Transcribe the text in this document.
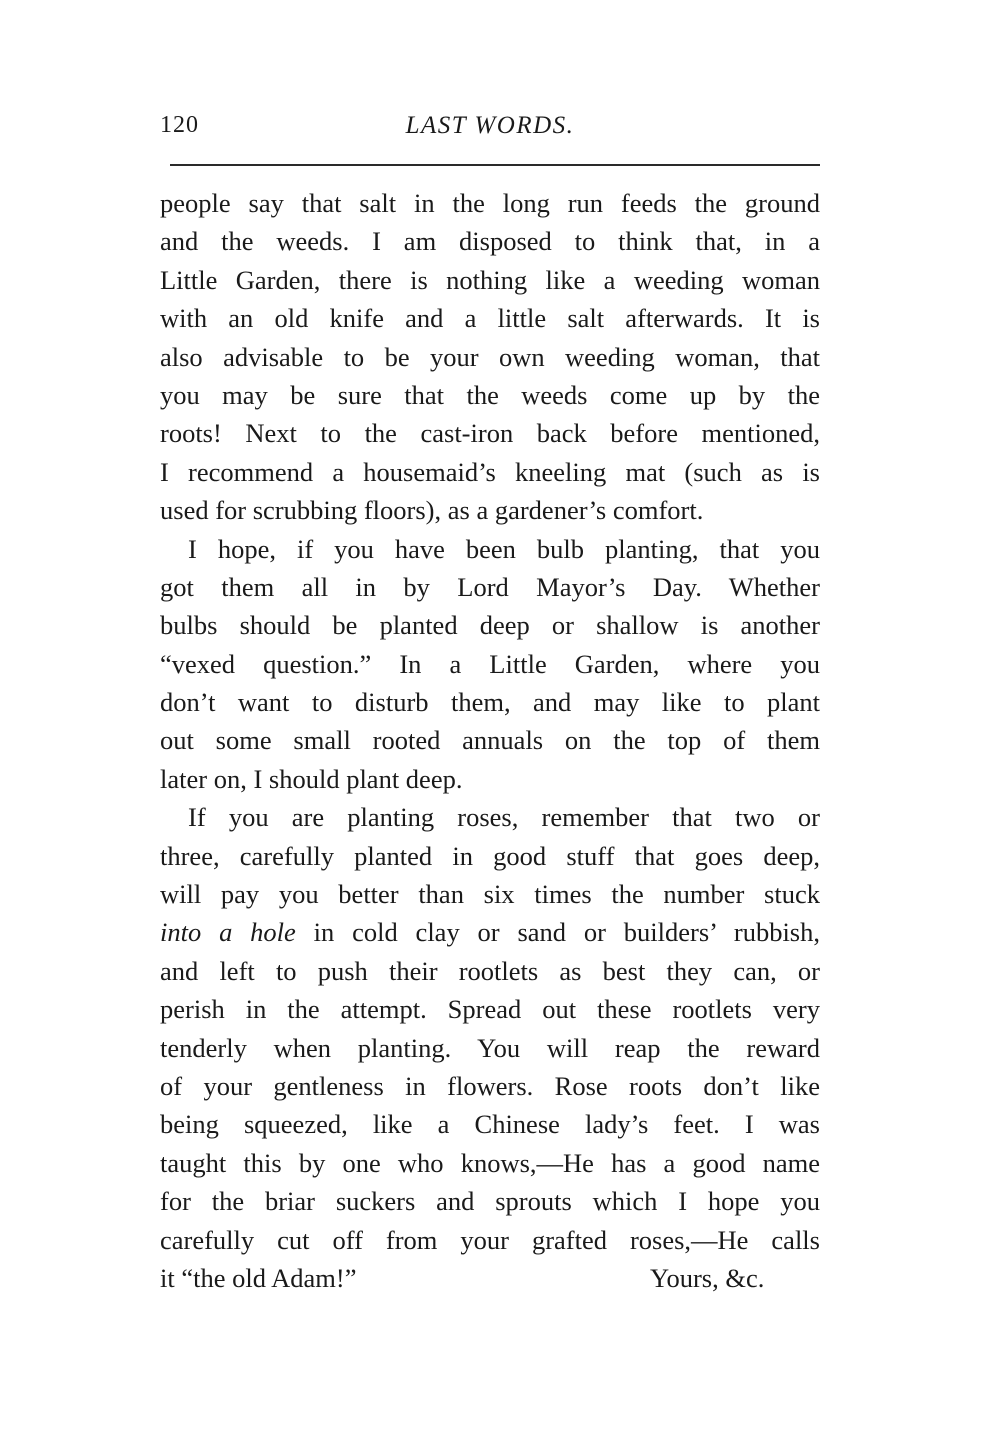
120	LAST WORDS.
people say that salt in the long run feeds the ground
and the weeds. I am disposed to think that, in a
Little Garden, there is nothing like a weeding woman
with an old knife and a little salt afterwards. It is
also advisable to be your own weeding woman, that
you may be sure that the weeds come up by the
roots! Next to the cast-iron back before mentioned,
I recommend a housemaid’s kneeling mat (such as is
used for scrubbing floors), as a gardener’s comfort.
I hope, if you have been bulb planting, that you
got them all in by Lord Mayor’s Day. Whether
bulbs should be planted deep or shallow is another
“vexed question.” In a Little Garden, where you
don’t want to disturb them, and may like to plant
out some small rooted annuals on the top of them
later on, I should plant deep.
If you are planting roses, remember that two or
three, carefully planted in good stuff that goes deep,
will pay you better than six times the number stuck
into a hole in cold clay or sand or builders’ rubbish,
and left to push their rootlets as best they can, or
perish in the attempt. Spread out these rootlets very
tenderly when planting. You will reap the reward
of your gentleness in flowers. Rose roots don’t like
being squeezed, like a Chinese lady’s feet. I was
taught this by one who knows,—He has a good name
for the briar suckers and sprouts which I hope you
carefully cut off from your grafted roses,—He calls
it “the old Adam!”	Yours, &c.
